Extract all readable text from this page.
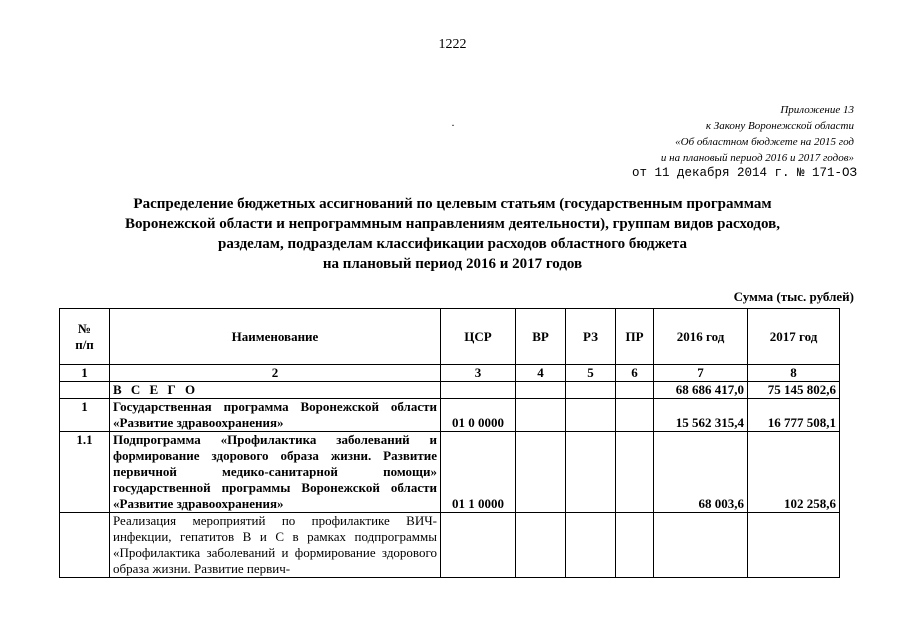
1222
·
Приложение 13
к Закону Воронежской области
«Об областном бюджете на 2015 год
и на плановый период 2016 и 2017 годов»
от 11 декабря 2014 г. № 171-ОЗ
Распределение бюджетных ассигнований по целевым статьям (государственным программам
Воронежской области и непрограммным направлениям деятельности), группам видов расходов,
разделам, подразделам классификации расходов областного бюджета
на плановый период 2016 и 2017 годов
Сумма (тыс. рублей)
№
п/п	Наименование	ЦСР	ВР	РЗ	ПР	2016 год	2017 год
1	2	3	4	5	6	7	8
	В С Е Г О					68 686 417,0	75 145 802,6
1	Государственная программа Воронежской области «Развитие здравоохранения»	01 0 0000				15 562 315,4	16 777 508,1
1.1	Подпрограмма «Профилактика заболеваний и формирование здорового образа жизни. Развитие первичной медико-санитарной помощи» государственной программы Воронежской области «Развитие здравоохранения»	01 1 0000				68 003,6	102 258,6
	Реализация мероприятий по профилактике ВИЧ-инфекции, гепатитов В и С в рамках подпрограммы «Профилактика заболеваний и формирование здорового образа жизни. Развитие первич-						
